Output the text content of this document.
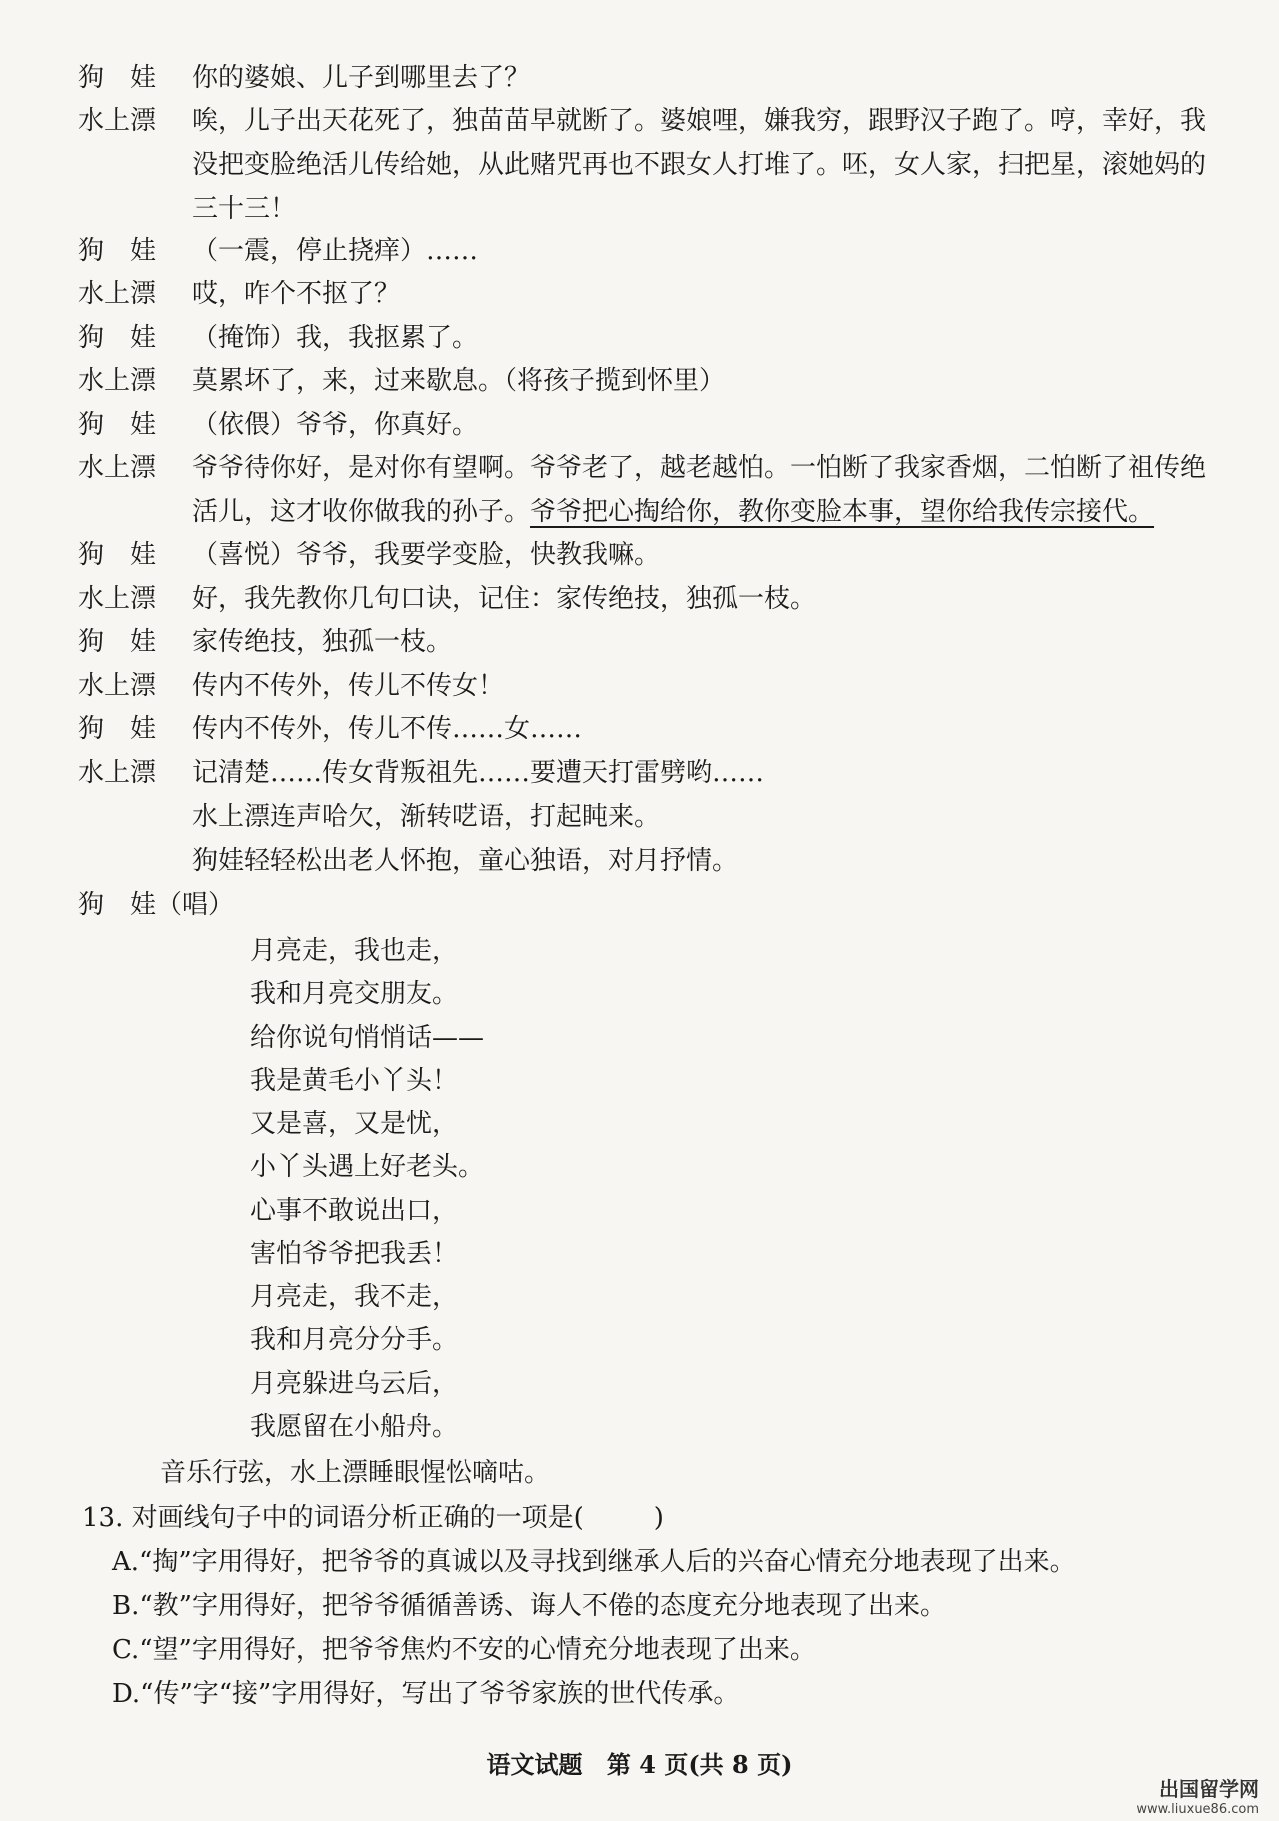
狗　娃	你的婆娘、儿子到哪里去了？
水上漂	唉，儿子出天花死了，独苗苗早就断了。婆娘哩，嫌我穷，跟野汉子跑了。哼，幸好，我没把变脸绝活儿传给她，从此赌咒再也不跟女人打堆了。呸，女人家，扫把星，滚她妈的三十三！
狗　娃	（一震，停止挠痒）……
水上漂	哎，咋个不抠了？
狗　娃	（掩饰）我，我抠累了。
水上漂	莫累坏了，来，过来歇息。（将孩子揽到怀里）
狗　娃	（依偎）爷爷，你真好。
水上漂	爷爷待你好，是对你有望啊。爷爷老了，越老越怕。一怕断了我家香烟，二怕断了祖传绝活儿，这才收你做我的孙子。爷爷把心掏给你，教你变脸本事，望你给我传宗接代。
狗　娃	（喜悦）爷爷，我要学变脸，快教我嘛。
水上漂	好，我先教你几句口诀，记住：家传绝技，独孤一枝。
狗　娃	家传绝技，独孤一枝。
水上漂	传内不传外，传儿不传女！
狗　娃	传内不传外，传儿不传……女……
水上漂	记清楚……传女背叛祖先……要遭天打雷劈哟……
水上漂连声哈欠，渐转呓语，打起盹来。
狗娃轻轻松出老人怀抱，童心独语，对月抒情。
狗　娃（唱）
月亮走，我也走，
我和月亮交朋友。
给你说句悄悄话——
我是黄毛小丫头！
又是喜，又是忧，
小丫头遇上好老头。
心事不敢说出口，
害怕爷爷把我丢！
月亮走，我不走，
我和月亮分分手。
月亮躲进乌云后，
我愿留在小船舟。
音乐行弦，水上漂睡眼惺忪嘀咕。
13. 对画线句子中的词语分析正确的一项是(	)
A.“掏”字用得好，把爷爷的真诚以及寻找到继承人后的兴奋心情充分地表现了出来。
B.“教”字用得好，把爷爷循循善诱、诲人不倦的态度充分地表现了出来。
C.“望”字用得好，把爷爷焦灼不安的心情充分地表现了出来。
D.“传”字“接”字用得好，写出了爷爷家族的世代传承。
语文试题 第 4 页(共 8 页)
出国留学网
www.liuxue86.com
